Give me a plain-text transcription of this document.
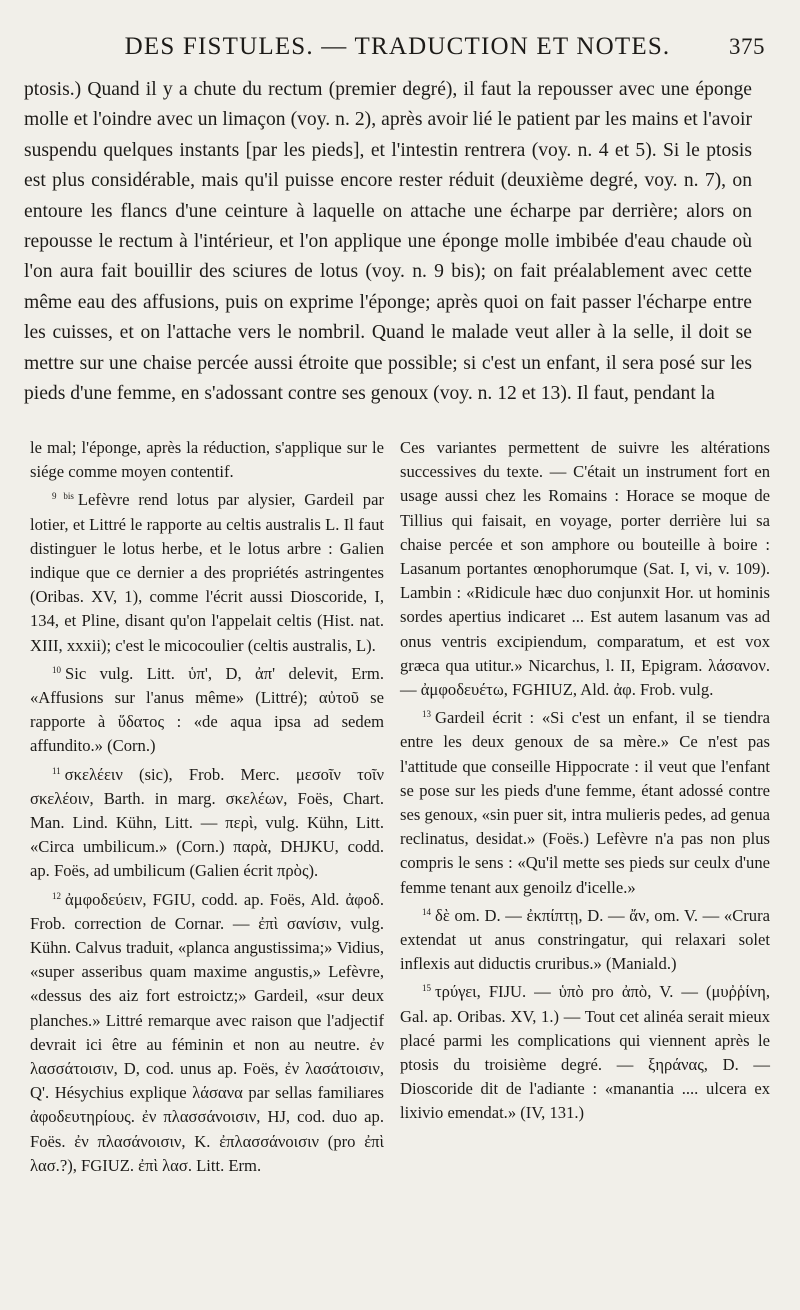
DES FISTULES. — TRADUCTION ET NOTES.	375

ptosis.) Quand il y a chute du rectum (premier degré), il faut la repousser avec une éponge molle et l'oindre avec un limaçon (voy. n. 2), après avoir lié le patient par les mains et l'avoir suspendu quelques instants [par les pieds], et l'intestin rentrera (voy. n. 4 et 5). Si le ptosis est plus considérable, mais qu'il puisse encore rester réduit (deuxième degré, voy. n. 7), on entoure les flancs d'une ceinture à laquelle on attache une écharpe par derrière; alors on repousse le rectum à l'intérieur, et l'on applique une éponge molle imbibée d'eau chaude où l'on aura fait bouillir des sciures de lotus (voy. n. 9 bis); on fait préalablement avec cette même eau des affusions, puis on exprime l'éponge; après quoi on fait passer l'écharpe entre les cuisses, et on l'attache vers le nombril. Quand le malade veut aller à la selle, il doit se mettre sur une chaise percée aussi étroite que possible; si c'est un enfant, il sera posé sur les pieds d'une femme, en s'adossant contre ses genoux (voy. n. 12 et 13). Il faut, pendant la

le mal; l'éponge, après la réduction, s'applique sur le siége comme moyen contentif.

$^{9 bis}$ Lefèvre rend lotus par alysier, Gardeil par lotier, et Littré le rapporte au celtis australis L. Il faut distinguer le lotus herbe, et le lotus arbre : Galien indique que ce dernier a des propriétés astringentes (Oribas. XV, 1), comme l'écrit aussi Dioscoride, I, 134, et Pline, disant qu'on l'appelait celtis (Hist. nat. XIII, xxxii); c'est le micocoulier (celtis australis, L).

$^{10}$ Sic vulg. Litt. ὑπ', D, ἀπ' delevit, Erm. «Affusions sur l'anus même» (Littré); αὐτοῦ se rapporte à ὕδατος : «de aqua ipsa ad sedem affundito.» (Corn.)

$^{11}$ σκελέειν (sic), Frob. Merc. μεσοῖν τοῖν σκελέοιν, Barth. in marg. σκελέων, Foës, Chart. Man. Lind. Kühn, Litt. — περὶ, vulg. Kühn, Litt. «Circa umbilicum.» (Corn.) παρὰ, DHJKU, codd. ap. Foës, ad umbilicum (Galien écrit πρὸς).

$^{12}$ ἀμφοδεύειν, FGIU, codd. ap. Foës, Ald. ἀφοδ. Frob. correction de Cornar. — ἐπὶ σανίσιν, vulg. Kühn. Calvus traduit, «planca angustissima;» Vidius, «super asseribus quam maxime angustis,» Lefèvre, «dessus des aiz fort estroictz;» Gardeil, «sur deux planches.» Littré remarque avec raison que l'adjectif devrait ici être au féminin et non au neutre. ἐν λασσάτοισιν, D, cod. unus ap. Foës, ἐν λασάτοισιν, Q'. Hésychius explique λάσανα par sellas familiares ἀφοδευτηρίους. ἐν πλασσάνοισιν, HJ, cod. duo ap. Foës. ἐν πλασάνοισιν, K. ἐπλασσάνοισιν (pro ἐπὶ λασ.?), FGIUZ. ἐπὶ λασ. Litt. Erm.

Ces variantes permettent de suivre les altérations successives du texte. — C'était un instrument fort en usage aussi chez les Romains : Horace se moque de Tillius qui faisait, en voyage, porter derrière lui sa chaise percée et son amphore ou bouteille à boire : Lasanum portantes œnophorumque (Sat. I, vi, v. 109). Lambin : «Ridicule hæc duo conjunxit Hor. ut hominis sordes apertius indicaret ... Est autem lasanum vas ad onus ventris excipiendum, comparatum, et est vox græca qua utitur.» Nicarchus, l. II, Epigram. λάσανον. — ἀμφοδευέτω, FGHIUZ, Ald. ἀφ. Frob. vulg.

$^{13}$ Gardeil écrit : «Si c'est un enfant, il se tiendra entre les deux genoux de sa mère.» Ce n'est pas l'attitude que conseille Hippocrate : il veut que l'enfant se pose sur les pieds d'une femme, étant adossé contre ses genoux, «sin puer sit, intra mulieris pedes, ad genua reclinatus, desidat.» (Foës.) Lefèvre n'a pas non plus compris le sens : «Qu'il mette ses pieds sur ceulx d'une femme tenant aux genoilz d'icelle.»

$^{14}$ δὲ om. D. — ἐκπίπτῃ, D. — ἄν, om. V. — «Crura extendat ut anus constringatur, qui relaxari solet inflexis aut diductis cruribus.» (Maniald.)

$^{15}$ τρύγει, FIJU. — ὑπὸ pro ἀπὸ, V. — (μυῤῥίνη, Gal. ap. Oribas. XV, 1.) — Tout cet alinéa serait mieux placé parmi les complications qui viennent après le ptosis du troisième degré. — ξηράνας, D. — Dioscoride dit de l'adiante : «manantia .... ulcera ex lixivio emendat.» (IV, 131.)
